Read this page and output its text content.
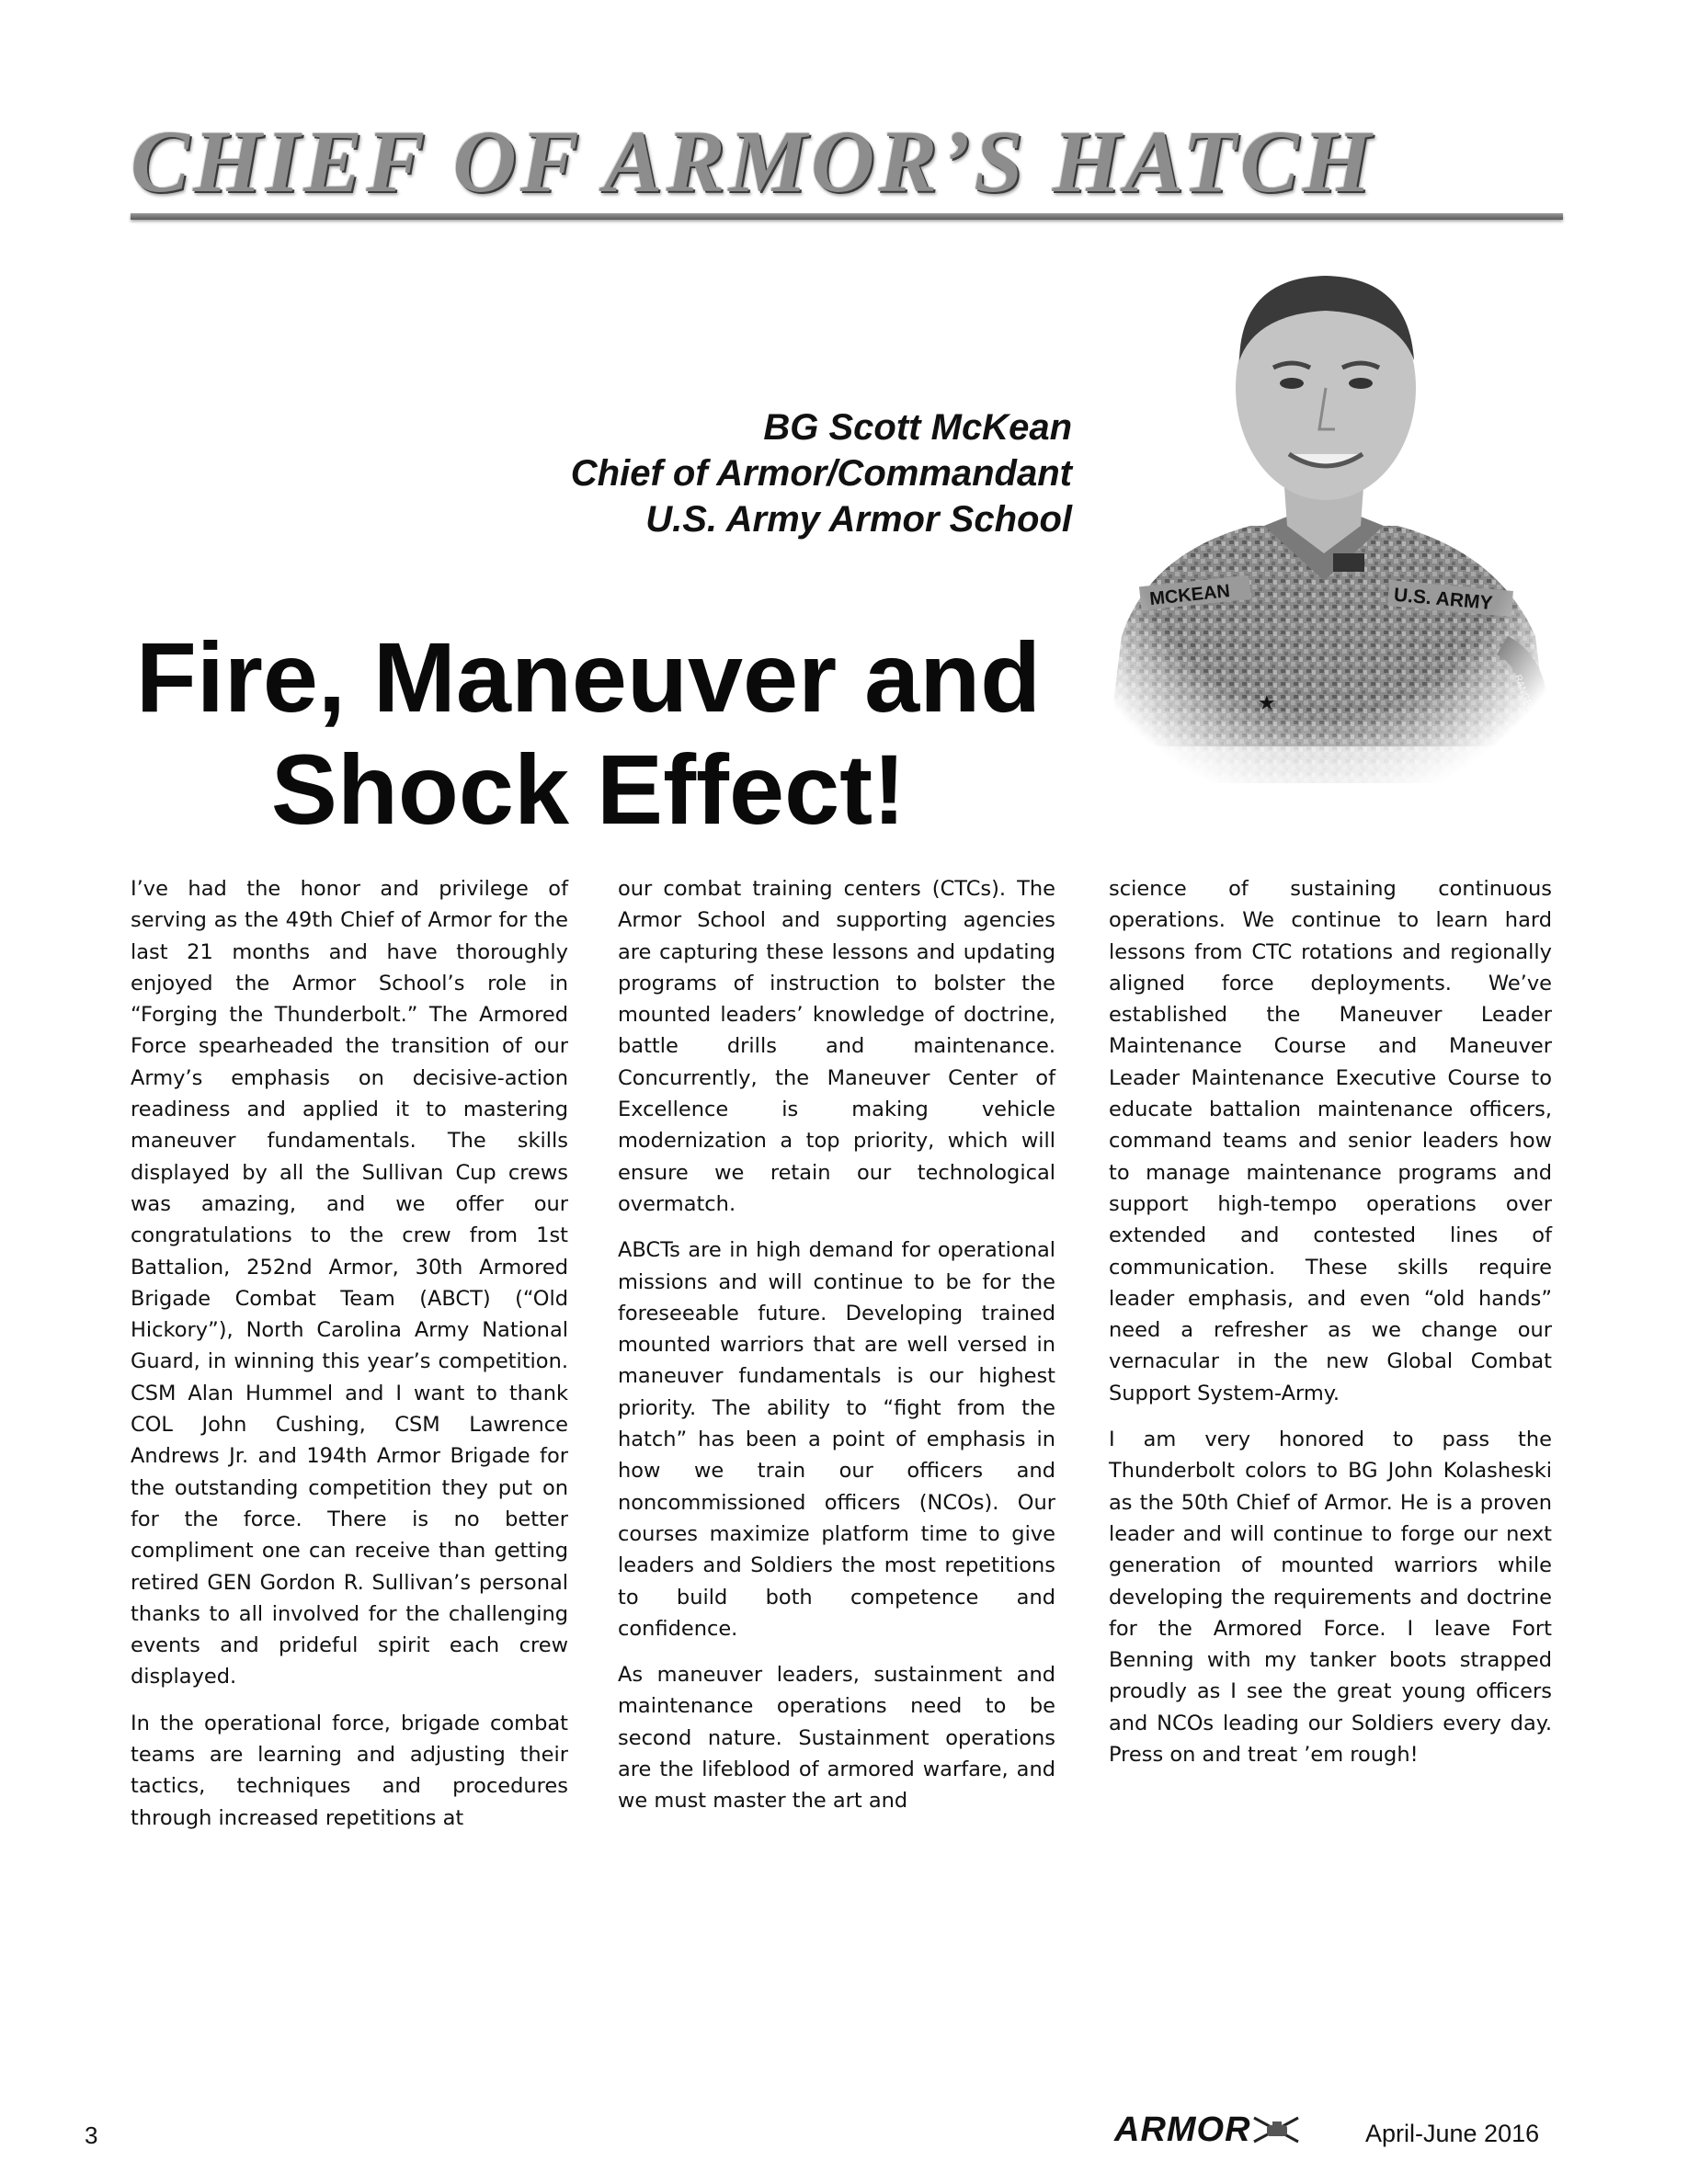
CHIEF OF ARMOR’S HATCH
BG Scott McKean
Chief of Armor/Commandant
U.S. Army Armor School
Fire, Maneuver and
Shock Effect!

I’ve had the honor and privilege of serving as the 49th Chief of Armor for the last 21 months and have thoroughly enjoyed the Armor School’s role in “Forging the Thunderbolt.” The Armored Force spearheaded the transition of our Army’s emphasis on decisive-action readiness and applied it to mastering maneuver fundamentals. The skills displayed by all the Sullivan Cup crews was amazing, and we offer our congratulations to the crew from 1st Battalion, 252nd Armor, 30th Armored Brigade Combat Team (ABCT) (“Old Hickory”), North Carolina Army National Guard, in winning this year’s competition. CSM Alan Hummel and I want to thank COL John Cushing, CSM Lawrence Andrews Jr. and 194th Armor Brigade for the outstanding competition they put on for the force. There is no better compliment one can receive than getting retired GEN Gordon R. Sullivan’s personal thanks to all involved for the challenging events and prideful spirit each crew displayed.

In the operational force, brigade combat teams are learning and adjusting their tactics, techniques and procedures through increased repetitions at

our combat training centers (CTCs). The Armor School and supporting agencies are capturing these lessons and updating programs of instruction to bolster the mounted leaders’ knowledge of doctrine, battle drills and maintenance. Concurrently, the Maneuver Center of Excellence is making vehicle modernization a top priority, which will ensure we retain our technological overmatch.

ABCTs are in high demand for operational missions and will continue to be for the foreseeable future. Developing trained mounted warriors that are well versed in maneuver fundamentals is our highest priority. The ability to “fight from the hatch” has been a point of emphasis in how we train our officers and noncommissioned officers (NCOs). Our courses maximize platform time to give leaders and Soldiers the most repetitions to build both competence and confidence.

As maneuver leaders, sustainment and maintenance operations need to be second nature. Sustainment operations are the lifeblood of armored warfare, and we must master the art and

science of sustaining continuous operations. We continue to learn hard lessons from CTC rotations and regionally aligned force deployments. We’ve established the Maneuver Leader Maintenance Course and Maneuver Leader Maintenance Executive Course to educate battalion maintenance officers, command teams and senior leaders how to manage maintenance programs and support high-tempo operations over extended and contested lines of communication. These skills require leader emphasis, and even “old hands” need a refresher as we change our vernacular in the new Global Combat Support System-Army.

I am very honored to pass the Thunderbolt colors to BG John Kolasheski as the 50th Chief of Armor. He is a proven leader and will continue to forge our next generation of mounted warriors while developing the requirements and doctrine for the Armored Force. I leave Fort Benning with my tanker boots strapped proudly as I see the great young officers and NCOs leading our Soldiers every day. Press on and treat ’em rough!

3	ARMOR	April-June 2016
